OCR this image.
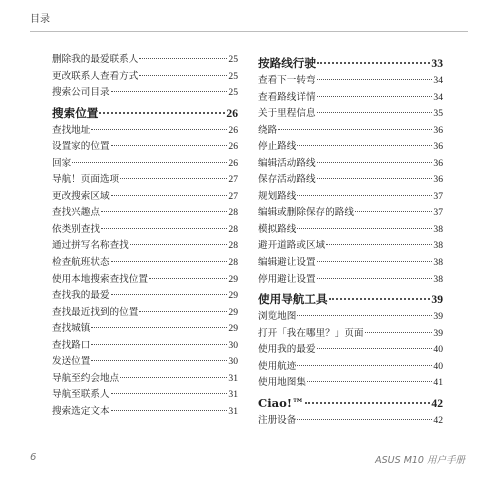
目录
删除我的最爱联系人	25
更改联系人查看方式	25
搜索公司目录	25
搜索位置	26
查找地址	26
设置家的位置	26
回家	26
导航！页面选项	27
更改搜索区域	27
查找兴趣点	28
依类别查找	28
通过拼写名称查找	28
检查航班状态	28
使用本地搜索查找位置	29
查找我的最爱	29
查找最近找到的位置	29
查找城镇	29
查找路口	30
发送位置	30
导航至约会地点	31
导航至联系人	31
搜索选定文本	31
按路线行驶	33
查看下一转弯	34
查看路线详情	34
关于里程信息	35
绕路	36
停止路线	36
编辑活动路线	36
保存活动路线	36
规划路线	37
编辑或删除保存的路线	37
模拟路线	38
避开道路或区域	38
编辑避让设置	38
停用避让设置	38
使用导航工具	39
浏览地图	39
打开「我在哪里？」页面	39
使用我的最爱	40
使用航迹	40
使用地图集	41
Ciao!™	42
注册设备	42
6	ASUS M10 用户手册
